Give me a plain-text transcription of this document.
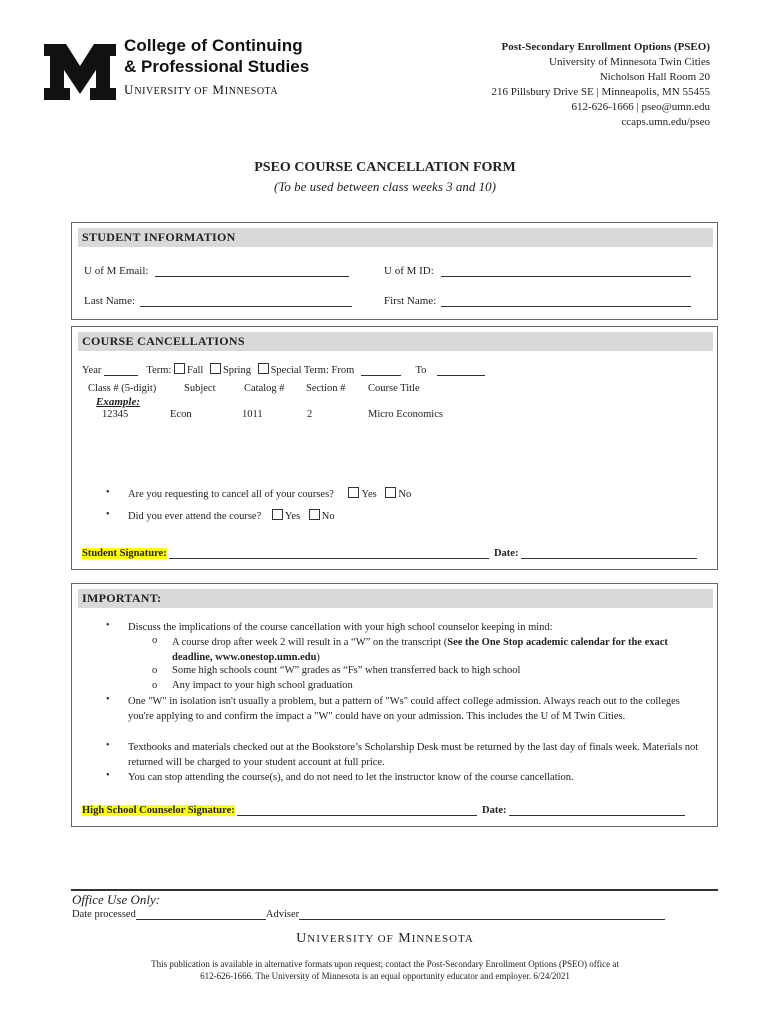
College of Continuing
& Professional Studies
UNIVERSITY OF MINNESOTA
Post-Secondary Enrollment Options (PSEO)
University of Minnesota Twin Cities
Nicholson Hall Room 20
216 Pillsbury Drive SE | Minneapolis, MN 55455
612-626-1666 | pseo@umn.edu
ccaps.umn.edu/pseo
PSEO COURSE CANCELLATION FORM
(To be used between class weeks 3 and 10)
STUDENT INFORMATION
U of M Email:	U of M ID:
Last Name:	First Name:
COURSE CANCELLATIONS
Year	Term: Fall Spring Special Term: From	To
Class # (5-digit)	Subject	Catalog # Section # Course Title
Example:
12345	Econ	1011	2	Micro Economics
• Are you requesting to cancel all of your courses?	Yes No
• Did you ever attend the course? Yes No
Student Signature:	Date:
IMPORTANT:
• Discuss the implications of the course cancellation with your high school counselor keeping in mind:
o A course drop after week 2 will result in a “W” on the transcript (See the One Stop academic calendar for the exact deadline, www.onestop.umn.edu)
o Some high schools count “W” grades as “Fs” when transferred back to high school
o Any impact to your high school graduation
• One "W" in isolation isn't usually a problem, but a pattern of "Ws" could affect college admission. Always reach out to the colleges you're applying to and confirm the impact a "W" could have on your admission. This includes the U of M Twin Cities.
• Textbooks and materials checked out at the Bookstore’s Scholarship Desk must be returned by the last day of finals week. Materials not returned will be charged to your student account at full price.
• You can stop attending the course(s), and do not need to let the instructor know of the course cancellation.
High School Counselor Signature:	Date:
Office Use Only:
Date processed	Adviser
UNIVERSITY OF MINNESOTA
This publication is available in alternative formats upon request; contact the Post-Secondary Enrollment Options (PSEO) office at
612-626-1666. The University of Minnesota is an equal opportunity educator and employer. 6/24/2021
